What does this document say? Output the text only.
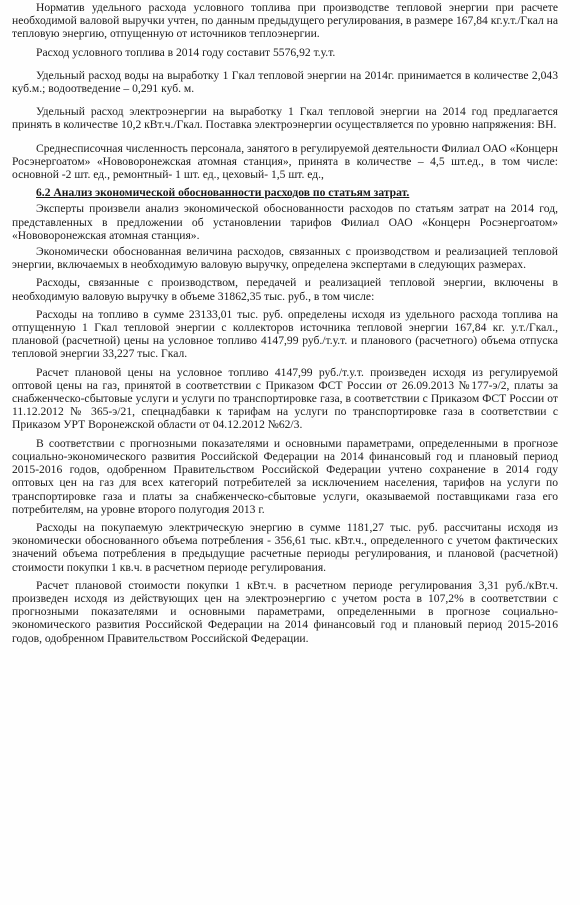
Норматив удельного расхода условного топлива при производстве тепловой энергии при расчете необходимой валовой выручки учтен, по данным предыдущего регулирования, в размере 167,84 кг.у.т./Гкал на тепловую энергию, отпущенную от источников теплоэнергии.

Расход условного топлива в 2014 году составит 5576,92 т.у.т.

Удельный расход воды на выработку 1 Гкал тепловой энергии на 2014г. принимается в количестве 2,043 куб.м.; водоотведение – 0,291 куб. м.

Удельный расход электроэнергии на выработку 1 Гкал тепловой энергии на 2014 год предлагается принять в количестве 10,2 кВт.ч./Гкал. Поставка электроэнергии осуществляется по уровню напряжения: ВН.

Среднесписочная численность персонала, занятого в регулируемой деятельности Филиал ОАО «Концерн Росэнергоатом» «Нововоронежская атомная станция», принята в количестве – 4,5 шт.ед., в том числе: основной -2 шт. ед., ремонтный- 1 шт. ед., цеховый- 1,5 шт. ед.,

6.2 Анализ экономической обоснованности расходов по статьям затрат.

Эксперты произвели анализ экономической обоснованности расходов по статьям затрат на 2014 год, представленных в предложении об установлении тарифов Филиал ОАО «Концерн Росэнергоатом» «Нововоронежская атомная станция».

Экономически обоснованная величина расходов, связанных с производством и реализацией тепловой энергии, включаемых в необходимую валовую выручку, определена экспертами в следующих размерах.

Расходы, связанные с производством, передачей и реализацией тепловой энергии, включены в необходимую валовую выручку в объеме 31862,35 тыс. руб., в том числе:

Расходы на топливо в сумме 23133,01 тыс. руб. определены исходя из удельного расхода топлива на отпущенную 1 Гкал тепловой энергии с коллекторов источника тепловой энергии 167,84 кг. у.т./Гкал., плановой (расчетной) цены на условное топливо 4147,99 руб./т.у.т. и планового (расчетного) объема отпуска тепловой энергии 33,227 тыс. Гкал.

Расчет плановой цены на условное топливо 4147,99 руб./т.у.т. произведен исходя из регулируемой оптовой цены на газ, принятой в соответствии с Приказом ФСТ России от 26.09.2013 №177-э/2, платы за снабженческо-сбытовые услуги и услуги по транспортировке газа, в соответствии с Приказом ФСТ России от 11.12.2012 № 365-э/21, спецнадбавки к тарифам на услуги по транспортировке газа в соответствии с Приказом УРТ Воронежской области от 04.12.2012 №62/3.

В соответствии с прогнозными показателями и основными параметрами, определенными в прогнозе социально-экономического развития Российской Федерации на 2014 финансовый год и плановый период 2015-2016 годов, одобренном Правительством Российской Федерации учтено сохранение в 2014 году оптовых цен на газ для всех категорий потребителей за исключением населения, тарифов на услуги по транспортировке газа и платы за снабженческо-сбытовые услуги, оказываемой поставщиками газа его потребителям, на уровне второго полугодия 2013 г.

Расходы на покупаемую электрическую энергию в сумме 1181,27 тыс. руб. рассчитаны исходя из экономически обоснованного объема потребления - 356,61 тыс. кВт.ч., определенного с учетом фактических значений объема потребления в предыдущие расчетные периоды регулирования, и плановой (расчетной) стоимости покупки 1 кв.ч. в расчетном периоде регулирования.

Расчет плановой стоимости покупки 1 кВт.ч. в расчетном периоде регулирования 3,31 руб./кВт.ч. произведен исходя из действующих цен на электроэнергию с учетом роста в 107,2% в соответствии с прогнозными показателями и основными параметрами, определенными в прогнозе социально-экономического развития Российской Федерации на 2014 финансовый год и плановый период 2015-2016 годов, одобренном Правительством Российской Федерации.
